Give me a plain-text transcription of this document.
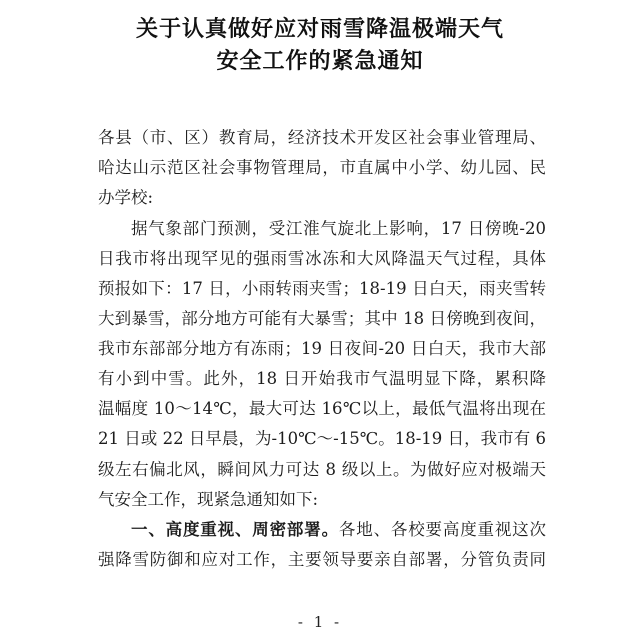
关于认真做好应对雨雪降温极端天气
安全工作的紧急通知
各县（市、区）教育局，经济技术开发区社会事业管理局、
哈达山示范区社会事物管理局，市直属中小学、幼儿园、民
办学校:
据气象部门预测，受江淮气旋北上影响，17 日傍晚-20
日我市将出现罕见的强雨雪冰冻和大风降温天气过程，具体
预报如下：17 日，小雨转雨夹雪；18-19 日白天，雨夹雪转
大到暴雪，部分地方可能有大暴雪；其中 18 日傍晚到夜间，
我市东部部分地方有冻雨；19 日夜间-20 日白天，我市大部
有小到中雪。此外，18 日开始我市气温明显下降，累积降
温幅度 10～14℃，最大可达 16℃以上，最低气温将出现在
21 日或 22 日早晨，为-10℃～-15℃。18-19 日，我市有 6
级左右偏北风，瞬间风力可达 8 级以上。为做好应对极端天
气安全工作，现紧急通知如下:
一、高度重视、周密部署。各地、各校要高度重视这次
强降雪防御和应对工作，主要领导要亲自部署，分管负责同
- 1 -
